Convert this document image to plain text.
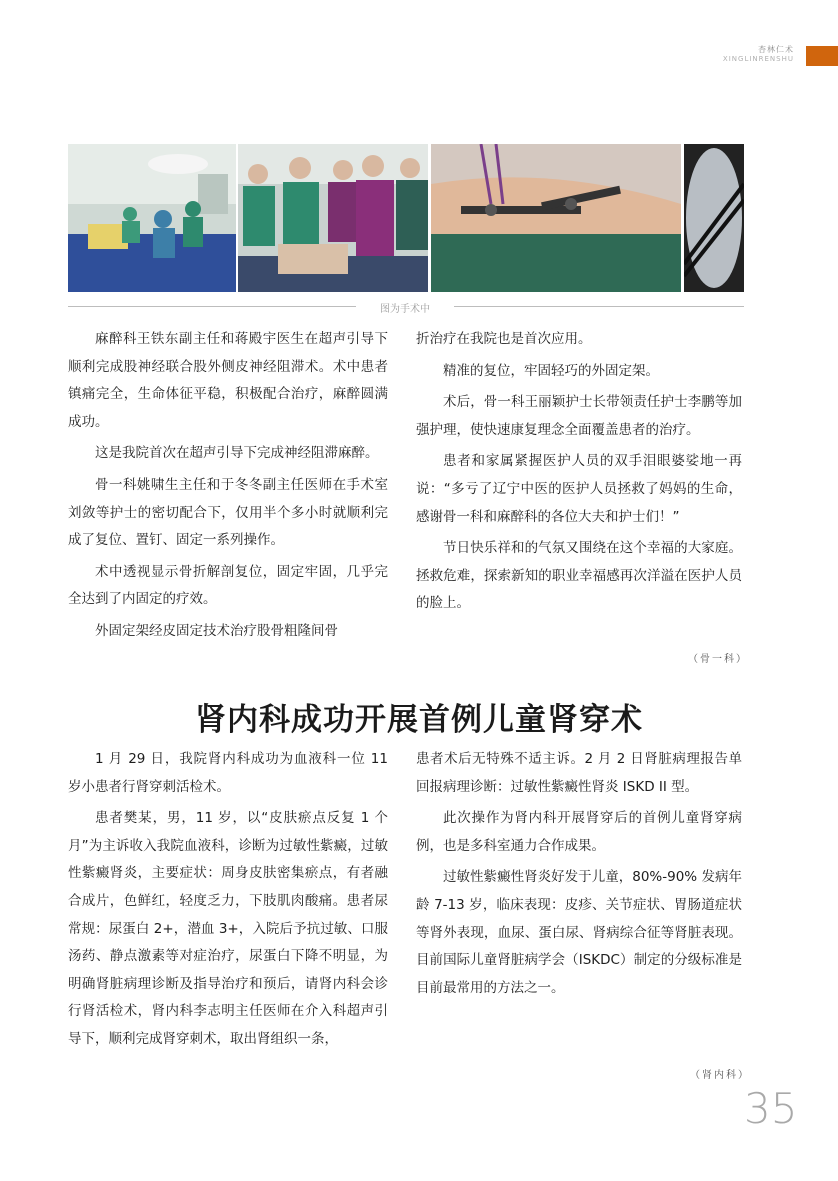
杏林仁术
XINGLINRENSHU
图为手术中

麻醉科王铁东副主任和蒋殿宇医生在超声引导下顺利完成股神经联合股外侧皮神经阻滞术。术中患者镇痛完全，生命体征平稳，积极配合治疗，麻醉圆满成功。

这是我院首次在超声引导下完成神经阻滞麻醉。

骨一科姚啸生主任和于冬冬副主任医师在手术室刘敛等护士的密切配合下，仅用半个多小时就顺利完成了复位、置钉、固定一系列操作。

术中透视显示骨折解剖复位，固定牢固，几乎完全达到了内固定的疗效。

外固定架经皮固定技术治疗股骨粗隆间骨

折治疗在我院也是首次应用。

精准的复位，牢固轻巧的外固定架。

术后，骨一科王丽颖护士长带领责任护士李鹏等加强护理，使快速康复理念全面覆盖患者的治疗。

患者和家属紧握医护人员的双手泪眼婆娑地一再说：“多亏了辽宁中医的医护人员拯救了妈妈的生命，感谢骨一科和麻醉科的各位大夫和护士们！”

节日快乐祥和的气氛又围绕在这个幸福的大家庭。拯救危难，探索新知的职业幸福感再次洋溢在医护人员的脸上。

（骨一科）
肾内科成功开展首例儿童肾穿术

1 月 29 日，我院肾内科成功为血液科一位 11 岁小患者行肾穿刺活检术。

患者樊某，男，11 岁，以“皮肤瘀点反复 1 个月”为主诉收入我院血液科，诊断为过敏性紫癜，过敏性紫癜肾炎，主要症状：周身皮肤密集瘀点，有者融合成片，色鲜红，轻度乏力，下肢肌肉酸痛。患者尿常规：尿蛋白 2+，潜血 3+，入院后予抗过敏、口服汤药、静点激素等对症治疗，尿蛋白下降不明显，为明确肾脏病理诊断及指导治疗和预后，请肾内科会诊行肾活检术，肾内科李志明主任医师在介入科超声引导下，顺利完成肾穿刺术，取出肾组织一条，

患者术后无特殊不适主诉。2 月 2 日肾脏病理报告单回报病理诊断：过敏性紫癜性肾炎 ISKD II 型。

此次操作为肾内科开展肾穿后的首例儿童肾穿病例，也是多科室通力合作成果。

过敏性紫癜性肾炎好发于儿童，80%-90% 发病年龄 7-13 岁，临床表现：皮疹、关节症状、胃肠道症状等肾外表现，血尿、蛋白尿、肾病综合征等肾脏表现。目前国际儿童肾脏病学会（ISKDC）制定的分级标准是目前最常用的方法之一。

（肾内科）
35
